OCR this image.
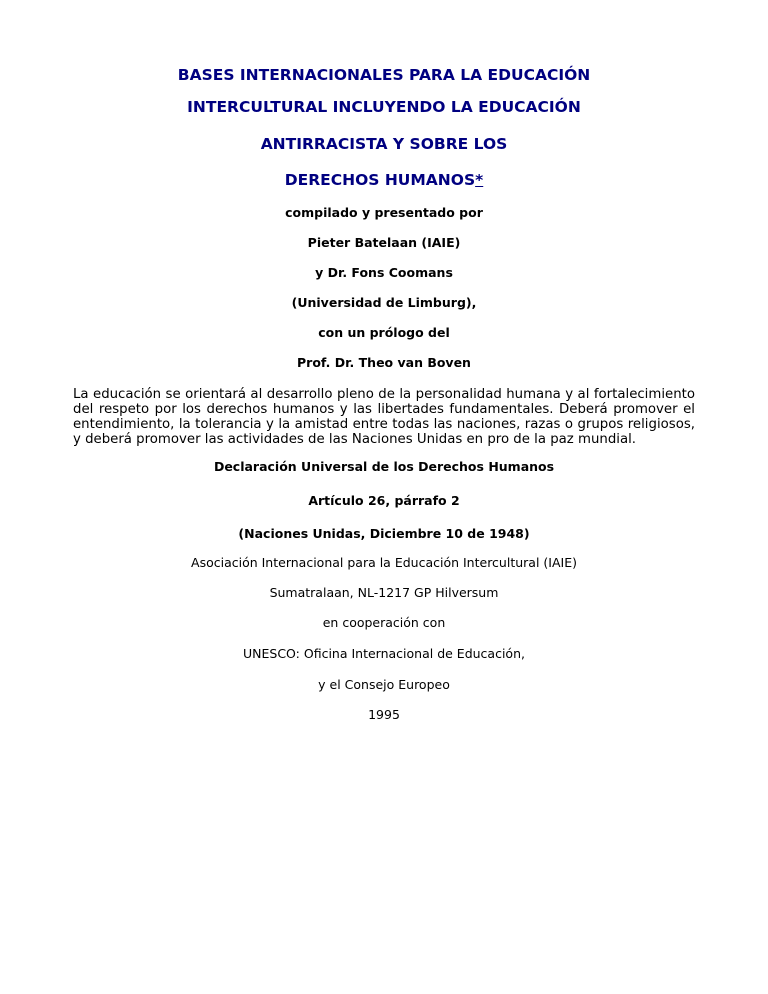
BASES INTERNACIONALES PARA LA EDUCACIÓN
INTERCULTURAL INCLUYENDO LA EDUCACIÓN
ANTIRRACISTA Y SOBRE LOS
DERECHOS HUMANOS*
compilado y presentado por
Pieter Batelaan (IAIE)
y Dr. Fons Coomans
(Universidad de Limburg),
con un prólogo del
Prof. Dr. Theo van Boven

La educación se orientará al desarrollo pleno de la personalidad humana y al fortalecimiento del respeto por los derechos humanos y las libertades fundamentales. Deberá promover el entendimiento, la tolerancia y la amistad entre todas las naciones, razas o grupos religiosos, y deberá promover las actividades de las Naciones Unidas en pro de la paz mundial.

Declaración Universal de los Derechos Humanos
Artículo 26, párrafo 2
(Naciones Unidas, Diciembre 10 de 1948)
Asociación Internacional para la Educación Intercultural (IAIE)
Sumatralaan, NL-1217 GP Hilversum
en cooperación con
UNESCO: Oficina Internacional de Educación,
y el Consejo Europeo
1995
